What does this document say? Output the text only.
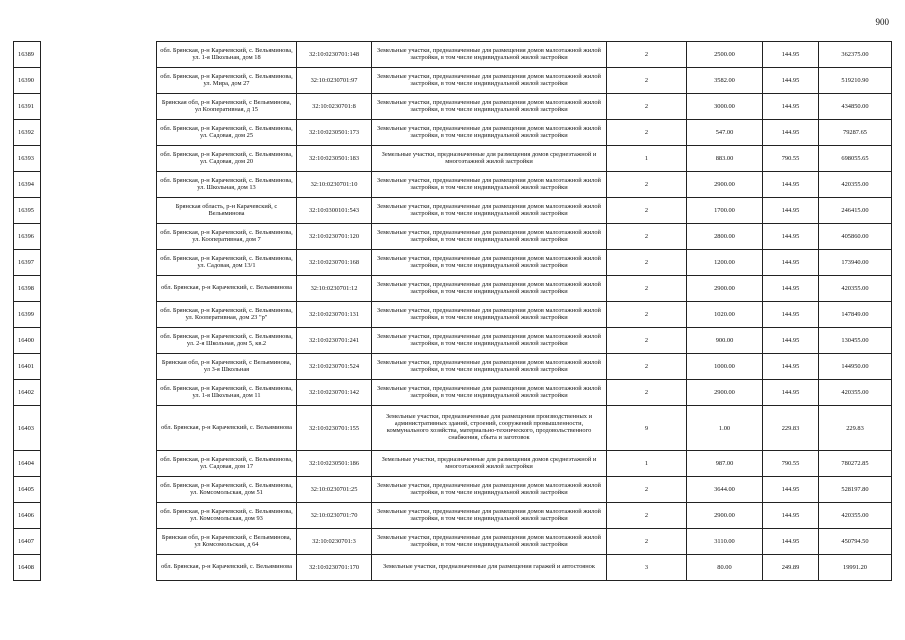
900
16389		обл. Брянская, р-н Карачевский, с. Вельяминова, ул. 1-я Школьная, дом 18	32:10:0230701:148	Земельные участки, предназначенные для размещения домов малоэтажной жилой застройки, в том числе индивидуальной жилой застройки	2	2500.00	144.95	362375.00
16390		обл. Брянская, р-н Карачевский, с. Вельяминова, ул. Мира, дом 27	32:10:0230701:97	Земельные участки, предназначенные для размещения домов малоэтажной жилой застройки, в том числе индивидуальной жилой застройки	2	3582.00	144.95	519210.90
16391		Брянская обл, р-н Карачевский, с Вельяминова, ул Кооперативная, д 15	32:10:0230701:8	Земельные участки, предназначенные для размещения домов малоэтажной жилой застройки, в том числе индивидуальной жилой застройки	2	3000.00	144.95	434850.00
16392		обл. Брянская, р-н Карачевский, с. Вельяминова, ул. Садовая, дом 25	32:10:0230501:173	Земельные участки, предназначенные для размещения домов малоэтажной жилой застройки, в том числе индивидуальной жилой застройки	2	547.00	144.95	79287.65
16393		обл. Брянская, р-н Карачевский, с. Вельяминова, ул. Садовая, дом 20	32:10:0230501:183	Земельные участки, предназначенные для размещения домов среднеэтажной и многоэтажной жилой застройки	1	883.00	790.55	698055.65
16394		обл. Брянская, р-н Карачевский, с. Вельяминова, ул. Школьная, дом 13	32:10:0230701:10	Земельные участки, предназначенные для размещения домов малоэтажной жилой застройки, в том числе индивидуальной жилой застройки	2	2900.00	144.95	420355.00
16395		Брянская область, р-н Карачевский, с Вельяминова	32:10:0300101:543	Земельные участки, предназначенные для размещения домов малоэтажной жилой застройки, в том числе индивидуальной жилой застройки	2	1700.00	144.95	246415.00
16396		обл. Брянская, р-н Карачевский, с. Вельяминова, ул. Кооперативная, дом 7	32:10:0230701:120	Земельные участки, предназначенные для размещения домов малоэтажной жилой застройки, в том числе индивидуальной жилой застройки	2	2800.00	144.95	405860.00
16397		обл. Брянская, р-н Карачевский, с. Вельяминова, ул. Садовая, дом 13/1	32:10:0230701:168	Земельные участки, предназначенные для размещения домов малоэтажной жилой застройки, в том числе индивидуальной жилой застройки	2	1200.00	144.95	173940.00
16398		обл. Брянская, р-н Карачевский, с. Вельяминова	32:10:0230701:12	Земельные участки, предназначенные для размещения домов малоэтажной жилой застройки, в том числе индивидуальной жилой застройки	2	2900.00	144.95	420355.00
16399		обл. Брянская, р-н Карачевский, с. Вельяминова, ул. Кооперативная, дом 23 "р"	32:10:0230701:131	Земельные участки, предназначенные для размещения домов малоэтажной жилой застройки, в том числе индивидуальной жилой застройки	2	1020.00	144.95	147849.00
16400		обл. Брянская, р-н Карачевский, с. Вельяминова, ул. 2-я Школьная, дом 5, кв.2	32:10:0230701:241	Земельные участки, предназначенные для размещения домов малоэтажной жилой застройки, в том числе индивидуальной жилой застройки	2	900.00	144.95	130455.00
16401		Брянская обл, р-н Карачевский, с Вельяминова, ул 3-я Школьная	32:10:0230701:524	Земельные участки, предназначенные для размещения домов малоэтажной жилой застройки, в том числе индивидуальной жилой застройки	2	1000.00	144.95	144950.00
16402		обл. Брянская, р-н Карачевский, с. Вельяминова, ул. 1-я Школьная, дом 11	32:10:0230701:142	Земельные участки, предназначенные для размещения домов малоэтажной жилой застройки, в том числе индивидуальной жилой застройки	2	2900.00	144.95	420355.00
16403		обл. Брянская, р-н Карачевский, с. Вельяминова	32:10:0230701:155	Земельные участки, предназначенные для размещения производственных и административных зданий, строений, сооружений промышленности, коммунального хозяйства, материально-технического, продовольственного снабжения, сбыта и заготовок	9	1.00	229.83	229.83
16404		обл. Брянская, р-н Карачевский, с. Вельяминова, ул. Садовая, дом 17	32:10:0230501:186	Земельные участки, предназначенные для размещения домов среднеэтажной и многоэтажной жилой застройки	1	987.00	790.55	780272.85
16405		обл. Брянская, р-н Карачевский, с. Вельяминова, ул. Комсомольская, дом 51	32:10:0230701:25	Земельные участки, предназначенные для размещения домов малоэтажной жилой застройки, в том числе индивидуальной жилой застройки	2	3644.00	144.95	528197.80
16406		обл. Брянская, р-н Карачевский, с. Вельяминова, ул. Комсомольская, дом 93	32:10:0230701:70	Земельные участки, предназначенные для размещения домов малоэтажной жилой застройки, в том числе индивидуальной жилой застройки	2	2900.00	144.95	420355.00
16407		Брянская обл, р-н Карачевский, с Вельяминова, ул Комсомольская, д 64	32:10:0230701:3	Земельные участки, предназначенные для размещения домов малоэтажной жилой застройки, в том числе индивидуальной жилой застройки	2	3110.00	144.95	450794.50
16408		обл. Брянская, р-н Карачевский, с. Вельяминова	32:10:0230701:170	Земельные участки, предназначенные для размещения гаражей и автостоянок	3	80.00	249.89	19991.20
